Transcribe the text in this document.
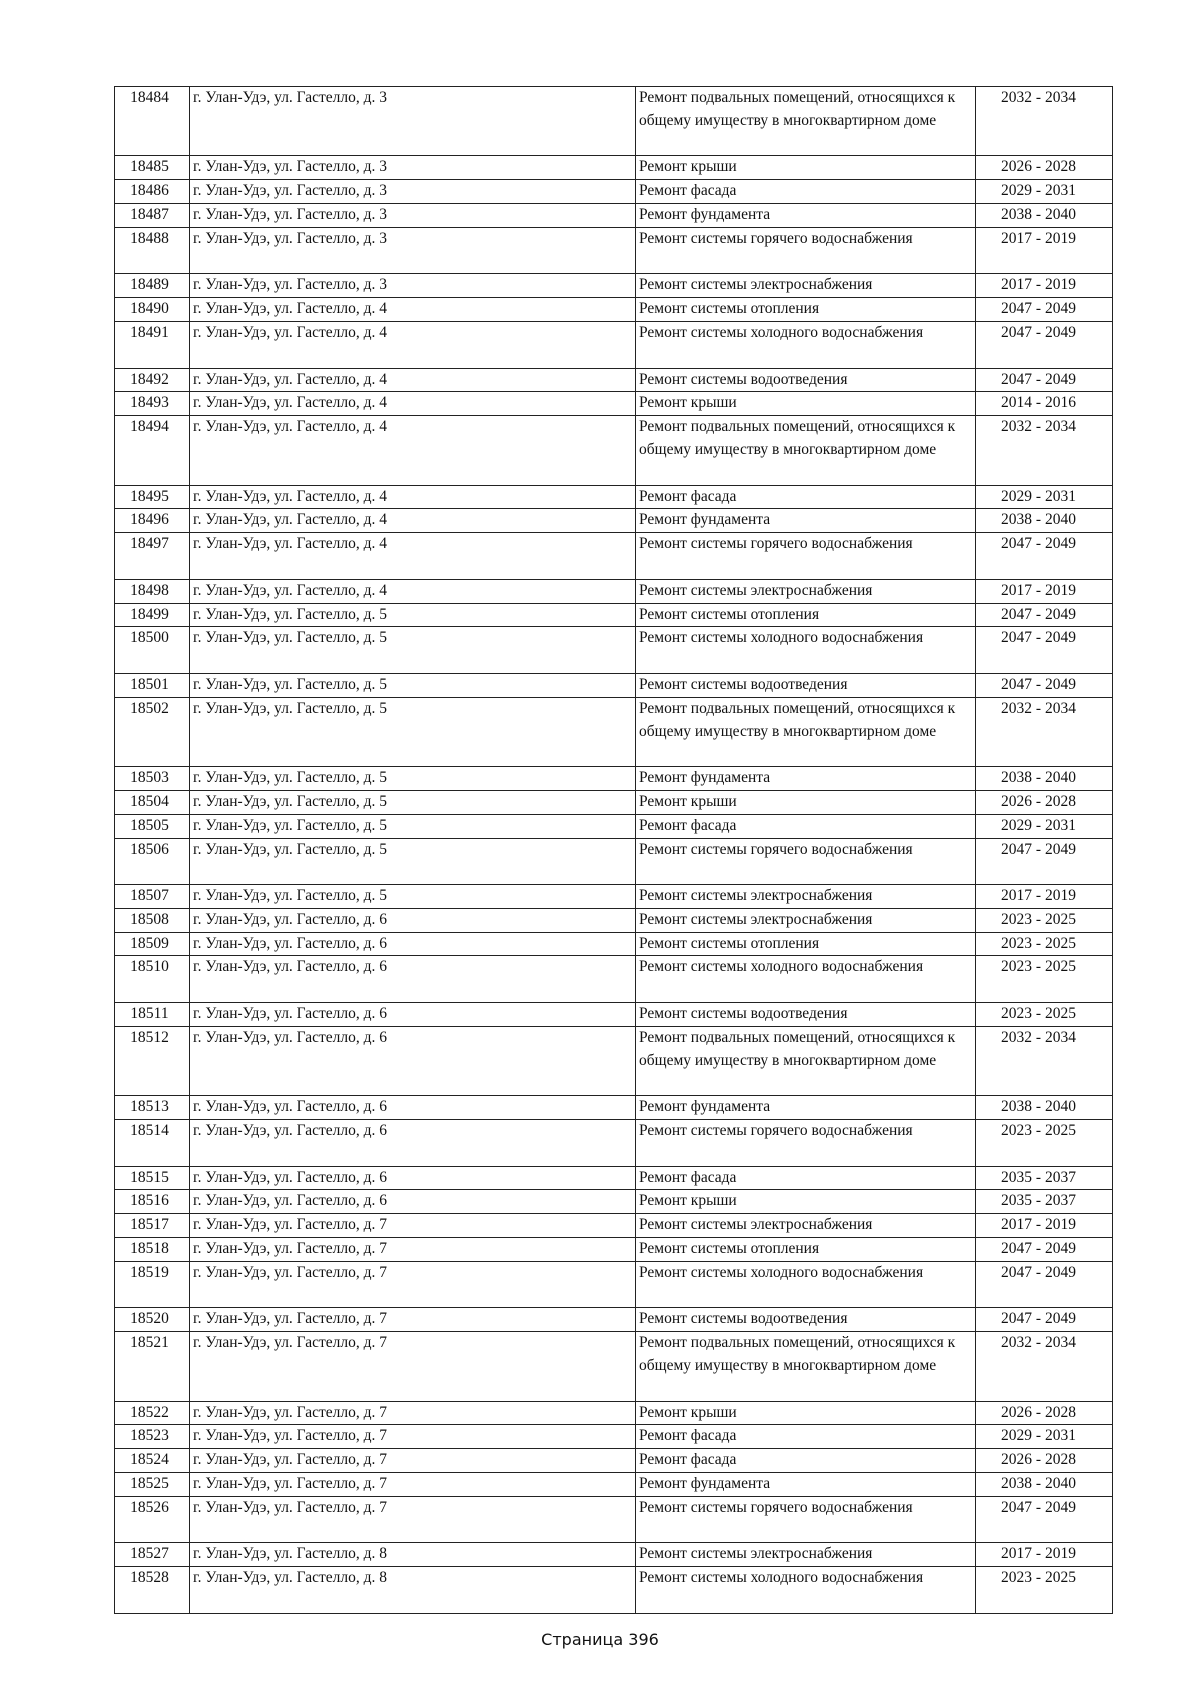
18484	г. Улан-Удэ, ул. Гастелло, д. 3	Ремонт подвальных помещений, относящихся к общему имуществу в многоквартирном доме	2032 - 2034
18485	г. Улан-Удэ, ул. Гастелло, д. 3	Ремонт крыши	2026 - 2028
18486	г. Улан-Удэ, ул. Гастелло, д. 3	Ремонт фасада	2029 - 2031
18487	г. Улан-Удэ, ул. Гастелло, д. 3	Ремонт фундамента	2038 - 2040
18488	г. Улан-Удэ, ул. Гастелло, д. 3	Ремонт системы горячего водоснабжения	2017 - 2019
18489	г. Улан-Удэ, ул. Гастелло, д. 3	Ремонт системы электроснабжения	2017 - 2019
18490	г. Улан-Удэ, ул. Гастелло, д. 4	Ремонт системы отопления	2047 - 2049
18491	г. Улан-Удэ, ул. Гастелло, д. 4	Ремонт системы холодного водоснабжения	2047 - 2049
18492	г. Улан-Удэ, ул. Гастелло, д. 4	Ремонт системы водоотведения	2047 - 2049
18493	г. Улан-Удэ, ул. Гастелло, д. 4	Ремонт крыши	2014 - 2016
18494	г. Улан-Удэ, ул. Гастелло, д. 4	Ремонт подвальных помещений, относящихся к общему имуществу в многоквартирном доме	2032 - 2034
18495	г. Улан-Удэ, ул. Гастелло, д. 4	Ремонт фасада	2029 - 2031
18496	г. Улан-Удэ, ул. Гастелло, д. 4	Ремонт фундамента	2038 - 2040
18497	г. Улан-Удэ, ул. Гастелло, д. 4	Ремонт системы горячего водоснабжения	2047 - 2049
18498	г. Улан-Удэ, ул. Гастелло, д. 4	Ремонт системы электроснабжения	2017 - 2019
18499	г. Улан-Удэ, ул. Гастелло, д. 5	Ремонт системы отопления	2047 - 2049
18500	г. Улан-Удэ, ул. Гастелло, д. 5	Ремонт системы холодного водоснабжения	2047 - 2049
18501	г. Улан-Удэ, ул. Гастелло, д. 5	Ремонт системы водоотведения	2047 - 2049
18502	г. Улан-Удэ, ул. Гастелло, д. 5	Ремонт подвальных помещений, относящихся к общему имуществу в многоквартирном доме	2032 - 2034
18503	г. Улан-Удэ, ул. Гастелло, д. 5	Ремонт фундамента	2038 - 2040
18504	г. Улан-Удэ, ул. Гастелло, д. 5	Ремонт крыши	2026 - 2028
18505	г. Улан-Удэ, ул. Гастелло, д. 5	Ремонт фасада	2029 - 2031
18506	г. Улан-Удэ, ул. Гастелло, д. 5	Ремонт системы горячего водоснабжения	2047 - 2049
18507	г. Улан-Удэ, ул. Гастелло, д. 5	Ремонт системы электроснабжения	2017 - 2019
18508	г. Улан-Удэ, ул. Гастелло, д. 6	Ремонт системы электроснабжения	2023 - 2025
18509	г. Улан-Удэ, ул. Гастелло, д. 6	Ремонт системы отопления	2023 - 2025
18510	г. Улан-Удэ, ул. Гастелло, д. 6	Ремонт системы холодного водоснабжения	2023 - 2025
18511	г. Улан-Удэ, ул. Гастелло, д. 6	Ремонт системы водоотведения	2023 - 2025
18512	г. Улан-Удэ, ул. Гастелло, д. 6	Ремонт подвальных помещений, относящихся к общему имуществу в многоквартирном доме	2032 - 2034
18513	г. Улан-Удэ, ул. Гастелло, д. 6	Ремонт фундамента	2038 - 2040
18514	г. Улан-Удэ, ул. Гастелло, д. 6	Ремонт системы горячего водоснабжения	2023 - 2025
18515	г. Улан-Удэ, ул. Гастелло, д. 6	Ремонт фасада	2035 - 2037
18516	г. Улан-Удэ, ул. Гастелло, д. 6	Ремонт крыши	2035 - 2037
18517	г. Улан-Удэ, ул. Гастелло, д. 7	Ремонт системы электроснабжения	2017 - 2019
18518	г. Улан-Удэ, ул. Гастелло, д. 7	Ремонт системы отопления	2047 - 2049
18519	г. Улан-Удэ, ул. Гастелло, д. 7	Ремонт системы холодного водоснабжения	2047 - 2049
18520	г. Улан-Удэ, ул. Гастелло, д. 7	Ремонт системы водоотведения	2047 - 2049
18521	г. Улан-Удэ, ул. Гастелло, д. 7	Ремонт подвальных помещений, относящихся к общему имуществу в многоквартирном доме	2032 - 2034
18522	г. Улан-Удэ, ул. Гастелло, д. 7	Ремонт крыши	2026 - 2028
18523	г. Улан-Удэ, ул. Гастелло, д. 7	Ремонт фасада	2029 - 2031
18524	г. Улан-Удэ, ул. Гастелло, д. 7	Ремонт фасада	2026 - 2028
18525	г. Улан-Удэ, ул. Гастелло, д. 7	Ремонт фундамента	2038 - 2040
18526	г. Улан-Удэ, ул. Гастелло, д. 7	Ремонт системы горячего водоснабжения	2047 - 2049
18527	г. Улан-Удэ, ул. Гастелло, д. 8	Ремонт системы электроснабжения	2017 - 2019
18528	г. Улан-Удэ, ул. Гастелло, д. 8	Ремонт системы холодного водоснабжения	2023 - 2025
Страница 396
